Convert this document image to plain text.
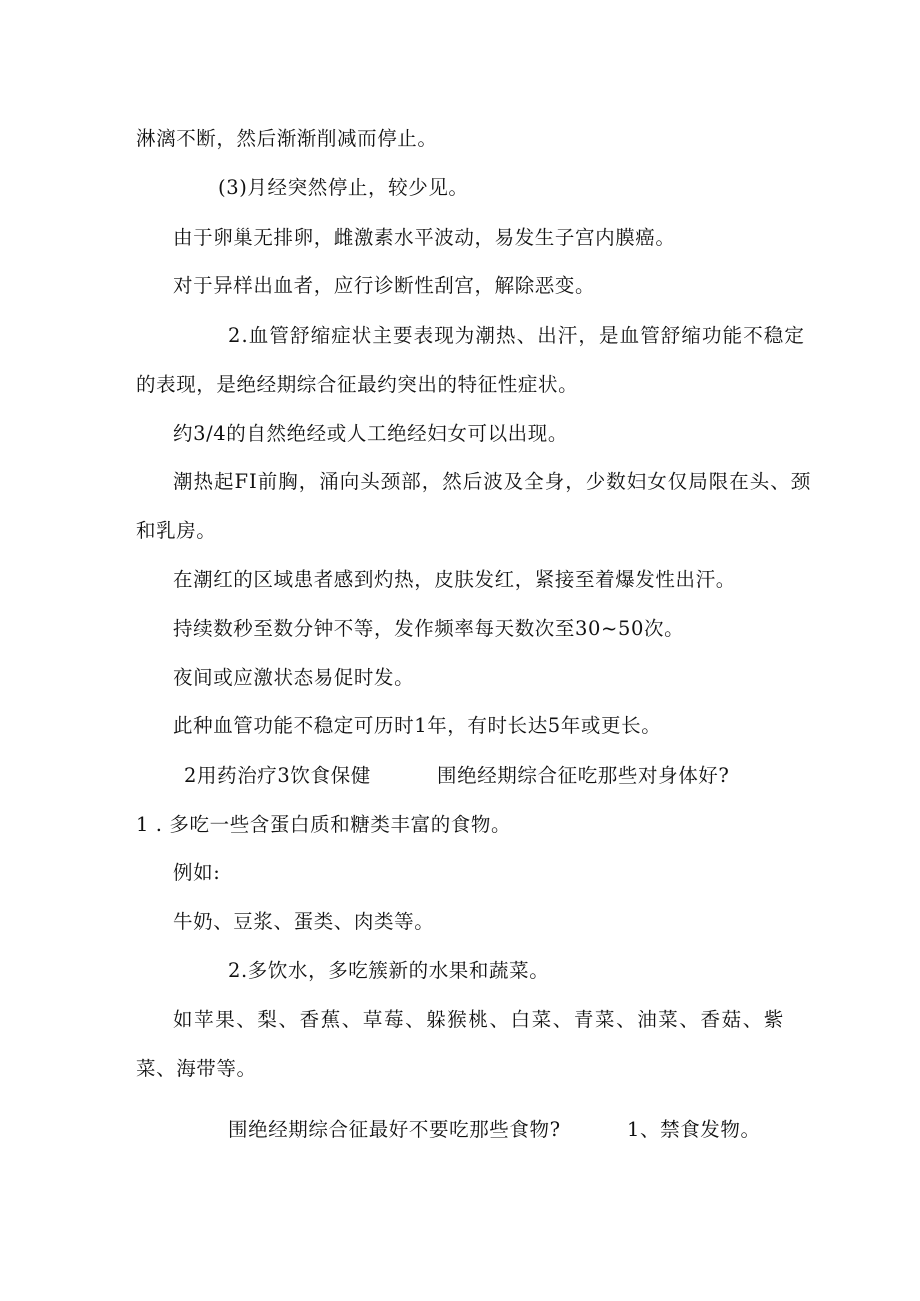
淋漓不断，然后渐渐削减而停止。
(3)月经突然停止，较少见。
由于卵巢无排卵，雌激素水平波动，易发生子宫内膜癌。
对于异样出血者，应行诊断性刮宫，解除恶变。
2.血管舒缩症状主要表现为潮热、出汗，是血管舒缩功能不稳定
的表现，是绝经期综合征最约突出的特征性症状。
约3/4的自然绝经或人工绝经妇女可以出现。
潮热起FI前胸，涌向头颈部，然后波及全身，少数妇女仅局限在头、颈
和乳房。
在潮红的区域患者感到灼热，皮肤发红，紧接至着爆发性出汗。
持续数秒至数分钟不等，发作频率每天数次至30~50次。
夜间或应激状态易促时发。
此种血管功能不稳定可历时1年，有时长达5年或更长。
2用药治疗3饮食保健	围绝经期综合征吃那些对身体好?
1 . 多吃一些含蛋白质和糖类丰富的食物。
例如:
牛奶、豆浆、蛋类、肉类等。
2.多饮水，多吃簇新的水果和蔬菜。
如苹果、梨、香蕉、草莓、躲猴桃、白菜、青菜、油菜、香菇、紫
菜、海带等。
围绝经期综合征最好不要吃那些食物?	1、禁食发物。
